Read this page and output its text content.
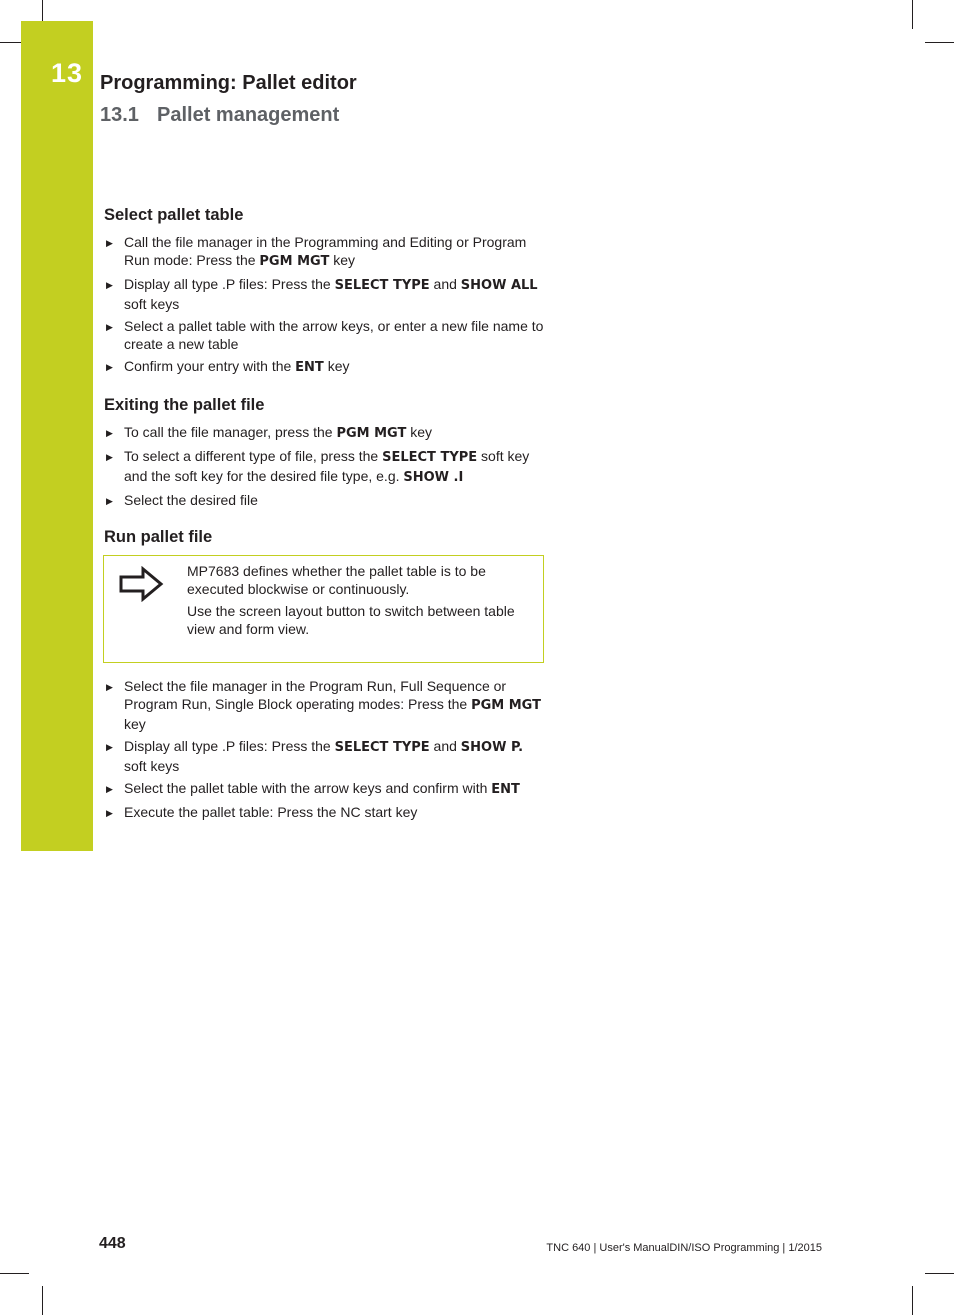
13 Programming: Pallet editor
13.1 Pallet management
Select pallet table
▶ Call the file manager in the Programming and Editing or Program Run mode: Press the PGM MGT key
▶ Display all type .P files: Press the SELECT TYPE and SHOW ALL soft keys
▶ Select a pallet table with the arrow keys, or enter a new file name to create a new table
▶ Confirm your entry with the ENT key
Exiting the pallet file
▶ To call the file manager, press the PGM MGT key
▶ To select a different type of file, press the SELECT TYPE soft key and the soft key for the desired file type, e.g. SHOW .I
▶ Select the desired file
Run pallet file

MP7683 defines whether the pallet table is to be executed blockwise or continuously.

Use the screen layout button to switch between table view and form view.

▶ Select the file manager in the Program Run, Full Sequence or Program Run, Single Block operating modes: Press the PGM MGT key
▶ Display all type .P files: Press the SELECT TYPE and SHOW P. soft keys
▶ Select the pallet table with the arrow keys and confirm with ENT
▶ Execute the pallet table: Press the NC start key
448	TNC 640 | User's ManualDIN/ISO Programming | 1/2015
